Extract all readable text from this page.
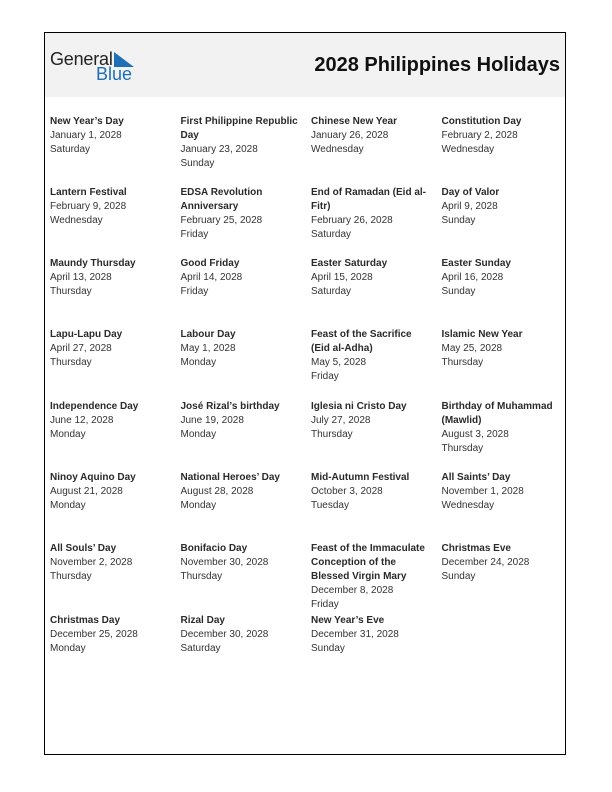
General
Blue	2028 Philippines Holidays
New Year’s Day
January 1, 2028
Saturday
First Philippine Republic Day
January 23, 2028
Sunday
Chinese New Year
January 26, 2028
Wednesday
Constitution Day
February 2, 2028
Wednesday
Lantern Festival
February 9, 2028
Wednesday
EDSA Revolution Anniversary
February 25, 2028
Friday
End of Ramadan (Eid al-Fitr)
February 26, 2028
Saturday
Day of Valor
April 9, 2028
Sunday
Maundy Thursday
April 13, 2028
Thursday
Good Friday
April 14, 2028
Friday
Easter Saturday
April 15, 2028
Saturday
Easter Sunday
April 16, 2028
Sunday
Lapu-Lapu Day
April 27, 2028
Thursday
Labour Day
May 1, 2028
Monday
Feast of the Sacrifice (Eid al-Adha)
May 5, 2028
Friday
Islamic New Year
May 25, 2028
Thursday
Independence Day
June 12, 2028
Monday
José Rizal’s birthday
June 19, 2028
Monday
Iglesia ni Cristo Day
July 27, 2028
Thursday
Birthday of Muhammad (Mawlid)
August 3, 2028
Thursday
Ninoy Aquino Day
August 21, 2028
Monday
National Heroes’ Day
August 28, 2028
Monday
Mid-Autumn Festival
October 3, 2028
Tuesday
All Saints’ Day
November 1, 2028
Wednesday
All Souls’ Day
November 2, 2028
Thursday
Bonifacio Day
November 30, 2028
Thursday
Feast of the Immaculate Conception of the Blessed Virgin Mary
December 8, 2028
Friday
Christmas Eve
December 24, 2028
Sunday
Christmas Day
December 25, 2028
Monday
Rizal Day
December 30, 2028
Saturday
New Year’s Eve
December 31, 2028
Sunday
